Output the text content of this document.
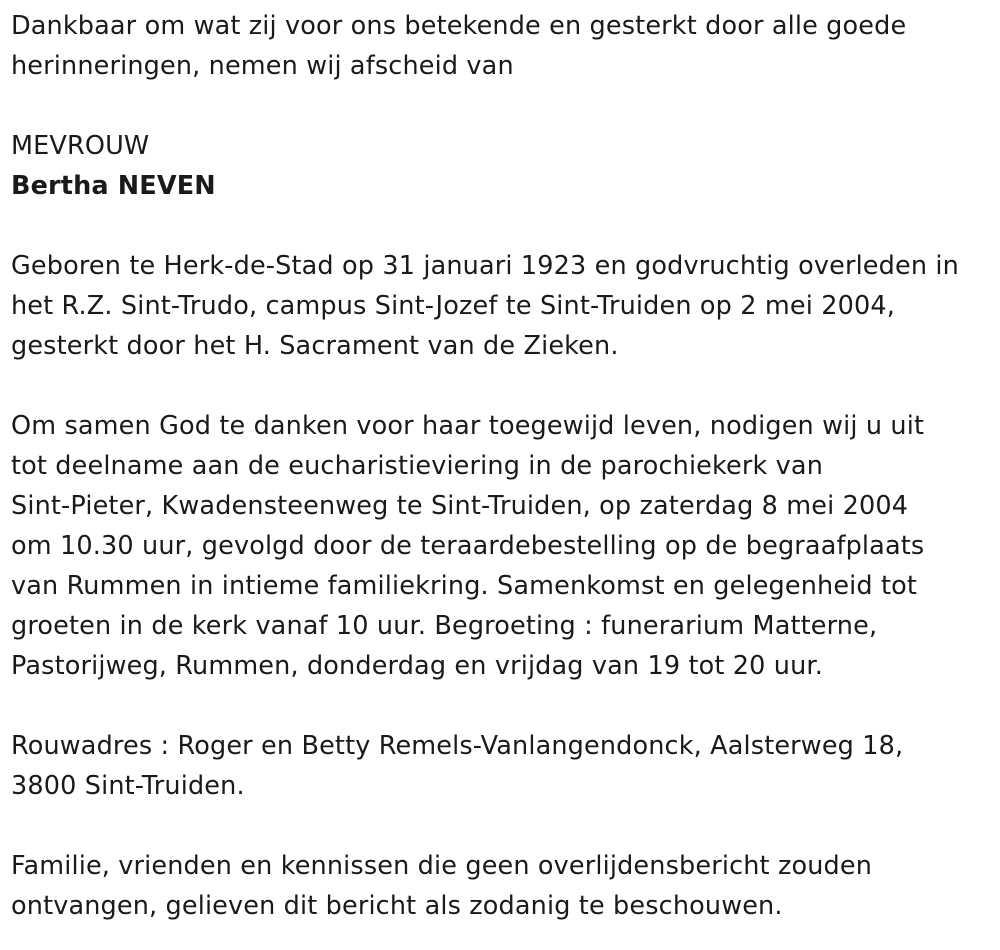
Dankbaar om wat zij voor ons betekende en gesterkt door alle goede
herinneringen, nemen wij afscheid van

MEVROUW

Bertha NEVEN

Geboren te Herk-de-Stad op 31 januari 1923 en godvruchtig overleden in
het R.Z. Sint-Trudo, campus Sint-Jozef te Sint-Truiden op 2 mei 2004,
gesterkt door het H. Sacrament van de Zieken.

Om samen God te danken voor haar toegewijd leven, nodigen wij u uit
tot deelname aan de eucharistieviering in de parochiekerk van
Sint-Pieter, Kwadensteenweg te Sint-Truiden, op zaterdag 8 mei 2004
om 10.30 uur, gevolgd door de teraardebestelling op de begraafplaats
van Rummen in intieme familiekring. Samenkomst en gelegenheid tot
groeten in de kerk vanaf 10 uur. Begroeting : funerarium Matterne,
Pastorijweg, Rummen, donderdag en vrijdag van 19 tot 20 uur.

Rouwadres : Roger en Betty Remels-Vanlangendonck, Aalsterweg 18,
3800 Sint-Truiden.

Familie, vrienden en kennissen die geen overlijdensbericht zouden
ontvangen, gelieven dit bericht als zodanig te beschouwen.
